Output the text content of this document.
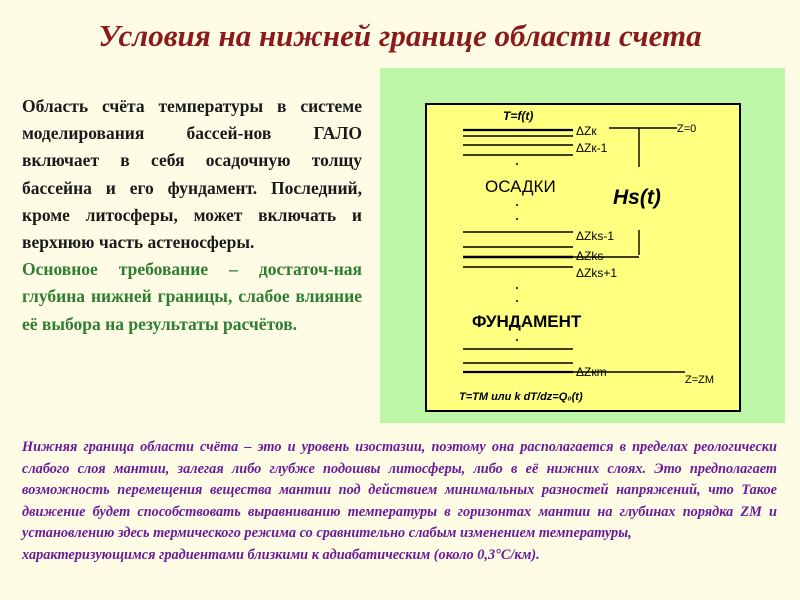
Условия на нижней границе области счета

Область счёта температуры в системе моделирования бассей-нов ГАЛО включает в себя осадочную толщу бассейна и его фундамент. Последний, кроме литосферы, может включать и верхнюю часть астеносферы.

Основное требование – достаточ-ная глубина нижней границы, слабое влияние её выбора на результаты расчётов.

T=f(t)
ΔZк
ΔZк-1
Z=0
ОСАДКИ	Hs(t)
ΔZks-1
ΔZks
ΔZks+1
ФУНДАМЕНТ
ΔZкm
Z=ZM
T=TM или k dT/dz=Q₀(t)
Нижняя граница области счёта – это и уровень изостазии, поэтому она располагается в пределах реологически слабого слоя мантии, залегая либо глубже подошвы литосферы, либо в её нижних слоях. Это предполагает возможность перемещения вещества мантии под действием минимальных разностей напряжений, что Такое движение будет способствовать выравниванию температуры в горизонтах мантии на глубинах порядка ZM и установлению здесь термического режима со сравнительно слабым изменением температуры,
характеризующимся градиентами близкими к адиабатическим (около 0,3°С/км).
